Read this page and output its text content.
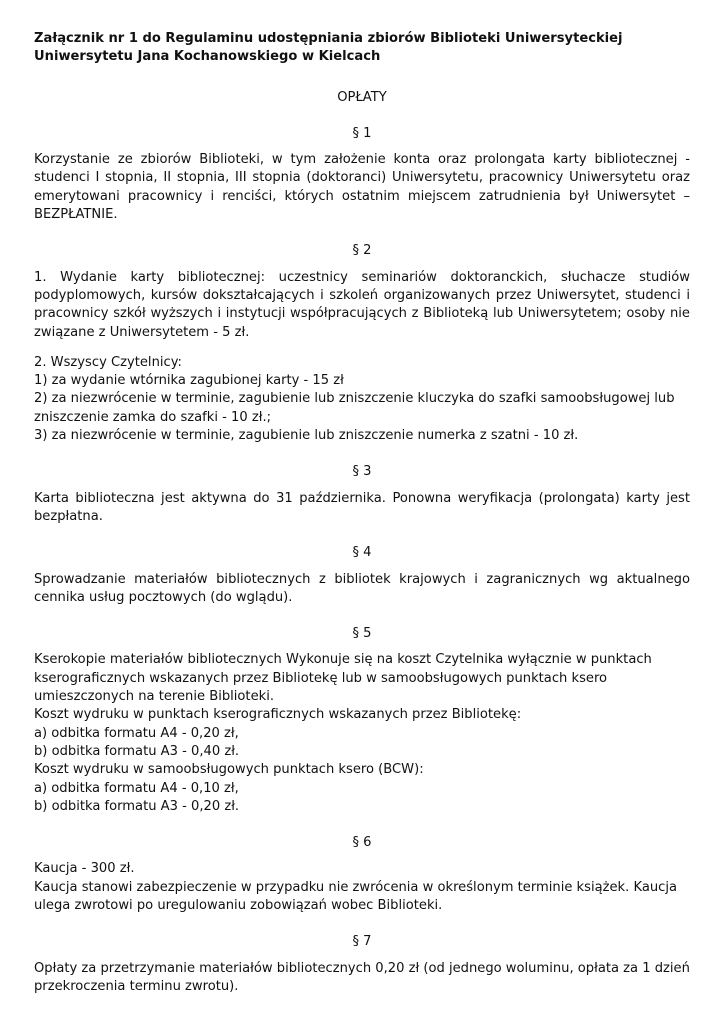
Załącznik nr 1 do Regulaminu udostępniania zbiorów Biblioteki Uniwersyteckiej Uniwersytetu Jana Kochanowskiego w Kielcach

OPŁATY

§ 1

Korzystanie ze zbiorów Biblioteki, w tym założenie konta oraz prolongata karty bibliotecznej - studenci I stopnia, II stopnia, III stopnia (doktoranci) Uniwersytetu, pracownicy Uniwersytetu oraz emerytowani pracownicy i renciści, których ostatnim miejscem zatrudnienia był Uniwersytet – BEZPŁATNIE.

§ 2

1. Wydanie karty bibliotecznej: uczestnicy seminariów doktoranckich, słuchacze studiów podyplomowych, kursów dokształcających i szkoleń organizowanych przez Uniwersytet, studenci i pracownicy szkół wyższych i instytucji współpracujących z Biblioteką lub Uniwersytetem; osoby nie związane z Uniwersytetem - 5 zł.

2. Wszyscy Czytelnicy:

1) za wydanie wtórnika zagubionej karty - 15 zł

2) za niezwrócenie w terminie, zagubienie lub zniszczenie kluczyka do szafki samoobsługowej lub zniszczenie zamka do szafki - 10 zł.;

3) za niezwrócenie w terminie, zagubienie lub zniszczenie numerka z szatni - 10 zł.

§ 3

Karta biblioteczna jest aktywna do 31 października. Ponowna weryfikacja (prolongata) karty jest bezpłatna.

§ 4

Sprowadzanie materiałów bibliotecznych z bibliotek krajowych i zagranicznych wg aktualnego cennika usług pocztowych (do wglądu).

§ 5

Kserokopie materiałów bibliotecznych Wykonuje się na koszt Czytelnika wyłącznie w punktach kserograficznych wskazanych przez Bibliotekę lub w samoobsługowych punktach ksero umieszczonych na terenie Biblioteki.

Koszt wydruku w punktach kserograficznych wskazanych przez Bibliotekę:

a) odbitka formatu A4 - 0,20 zł,

b) odbitka formatu A3 - 0,40 zł.

Koszt wydruku w samoobsługowych punktach ksero (BCW):

a) odbitka formatu A4 - 0,10 zł,

b) odbitka formatu A3 - 0,20 zł.

§ 6

Kaucja - 300 zł.

Kaucja stanowi zabezpieczenie w przypadku nie zwrócenia w określonym terminie książek. Kaucja ulega zwrotowi po uregulowaniu zobowiązań wobec Biblioteki.

§ 7

Opłaty za przetrzymanie materiałów bibliotecznych 0,20 zł (od jednego woluminu, opłata za 1 dzień przekroczenia terminu zwrotu).
